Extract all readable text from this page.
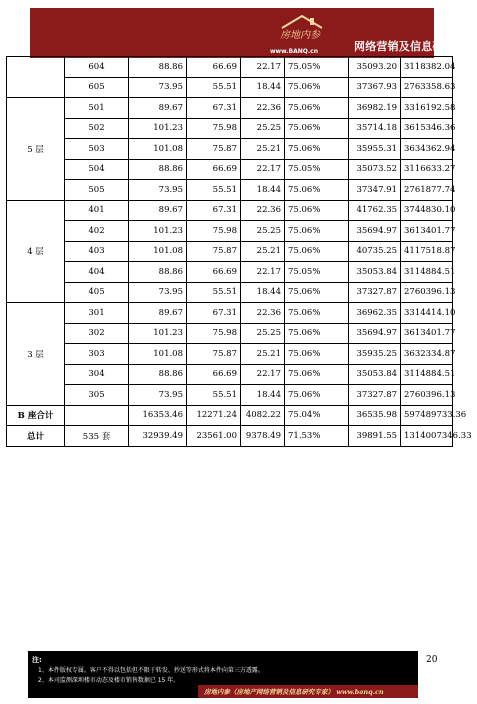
房地内参
www.BANQ.cn	网络营销及信息研究专家
	604	88.86	66.69	22.17	75.05%	35093.20	3118382.04
	605	73.95	55.51	18.44	75.06%	37367.93	2763358.63
5 层	501	89.67	67.31	22.36	75.06%	36982.19	3316192.58
	502	101.23	75.98	25.25	75.06%	35714.18	3615346.36
	503	101.08	75.87	25.21	75.06%	35955.31	3634362.94
	504	88.86	66.69	22.17	75.05%	35073.52	3116633.27
	505	73.95	55.51	18.44	75.06%	37347.91	2761877.74
4 层	401	89.67	67.31	22.36	75.06%	41762.35	3744830.10
	402	101.23	75.98	25.25	75.06%	35694.97	3613401.77
	403	101.08	75.87	25.21	75.06%	40735.25	4117518.87
	404	88.86	66.69	22.17	75.05%	35053.84	3114884.51
	405	73.95	55.51	18.44	75.06%	37327.87	2760396.13
3 层	301	89.67	67.31	22.36	75.06%	36962.35	3314414.10
	302	101.23	75.98	25.25	75.06%	35694.97	3613401.77
	303	101.08	75.87	25.21	75.06%	35935.25	3632334.87
	304	88.86	66.69	22.17	75.06%	35053.84	3114884.51
	305	73.95	55.51	18.44	75.06%	37327.87	2760396.13
B 座合计		16353.46	12271.24	4082.22	75.04%	36535.98	597489733.36
总计	535 套	32939.49	23561.00	9378.49	71.53%	39891.55	1314007346.33
注:
1、本件版权专属。客户不得以包括但不限于转发、抄送等形式将本件向第三方透露。
2、本司监测深圳楼市动态及楼市销售数据已 15 年。
房地内参（房地产网络营销及信息研究专家） www.banq.cn
20
